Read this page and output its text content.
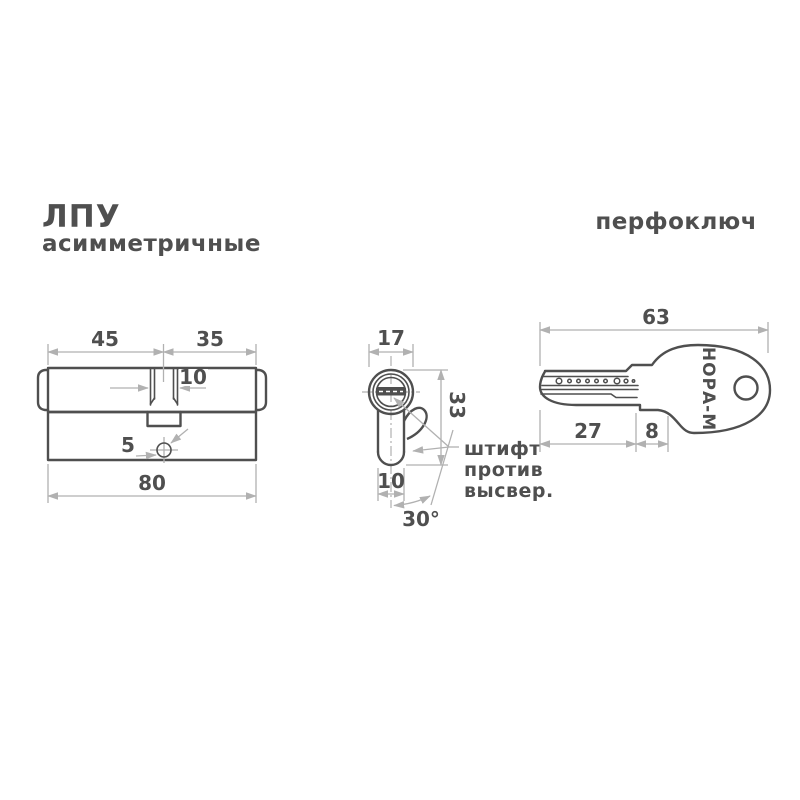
ЛПУ
асимметричные
перфоключ
45	35
10
5
80
17
33
10
30°
штифт
против
высвер.
НОРА-М
63
27 8
